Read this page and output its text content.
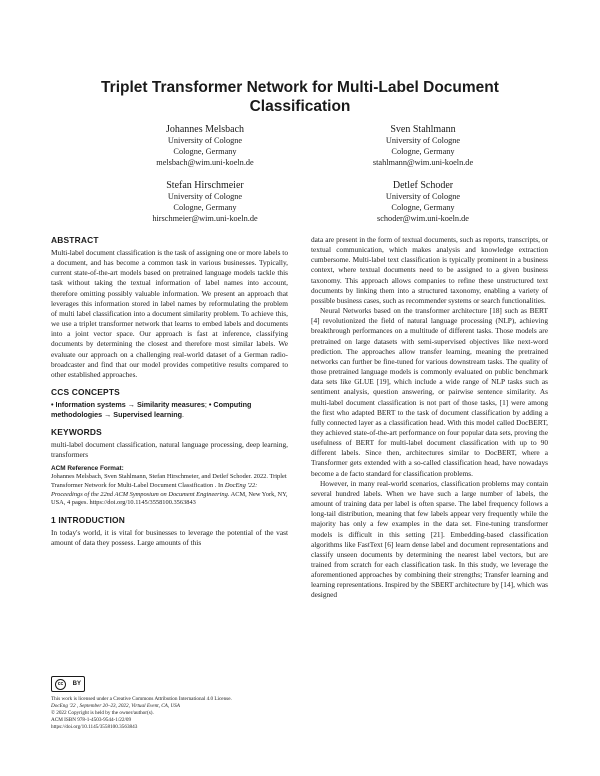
Triplet Transformer Network for Multi-Label Document Classification
Johannes Melsbach
University of Cologne
Cologne, Germany
melsbach@wim.uni-koeln.de
Sven Stahlmann
University of Cologne
Cologne, Germany
stahlmann@wim.uni-koeln.de
Stefan Hirschmeier
University of Cologne
Cologne, Germany
hirschmeier@wim.uni-koeln.de
Detlef Schoder
University of Cologne
Cologne, Germany
schoder@wim.uni-koeln.de
ABSTRACT

Multi-label document classification is the task of assigning one or more labels to a document, and has become a common task in various businesses. Typically, current state-of-the-art models based on pretrained language models tackle this task without taking the textual information of label names into account, therefore omitting possibly valuable information. We present an approach that leverages this information stored in label names by reformulating the problem of multi label classification into a document similarity problem. To achieve this, we use a triplet transformer network that learns to embed labels and documents into a joint vector space. Our approach is fast at inference, classifying documents by determining the closest and therefore most similar labels. We evaluate our approach on a challenging real-world dataset of a German radio-broadcaster and find that our model provides competitive results compared to other established approaches.

CCS CONCEPTS

• Information systems → Similarity measures; • Computing methodologies → Supervised learning.

KEYWORDS

multi-label document classification, natural language processing, deep learning, transformers

ACM Reference Format:

Johannes Melsbach, Sven Stahlmann, Stefan Hirschmeier, and Detlef Schoder. 2022. Triplet Transformer Network for Multi-Label Document Classification . In DocEng '22: Proceedings of the 22nd ACM Symposium on Document Engineering. ACM, New York, NY, USA, 4 pages. https://doi.org/10.1145/3558100.3563843

1 INTRODUCTION

In today's world, it is vital for businesses to leverage the potential of the vast amount of data they possess. Large amounts of this

cc	BY
This work is licensed under a Creative Commons Attribution International 4.0 License.
DocEng '22 , September 20–23, 2022, Virtual Event, CA, USA
© 2022 Copyright is held by the owner/author(s).
ACM ISBN 978-1-4503-9544-1/22/09
https://doi.org/10.1145/3558100.3563843

data are present in the form of textual documents, such as reports, transcripts, or textual communication, which makes analysis and knowledge extraction cumbersome. Multi-label text classification is typically prominent in a business context, where textual documents need to be assigned to a given business taxonomy. This approach allows companies to refine these unstructured text documents by linking them into a structured taxonomy, enabling a variety of possible business cases, such as recommender systems or search functionalities.

Neural Networks based on the transformer architecture [18] such as BERT [4] revolutionized the field of natural language processing (NLP), achieving breakthrough performances on a multitude of different tasks. Those models are pretrained on large datasets with semi-supervised objectives like next-word prediction. The approaches allow transfer learning, meaning the pretrained networks can further be fine-tuned for various downstream tasks. The quality of those pretrained language models is commonly evaluated on public benchmark data sets like GLUE [19], which include a wide range of NLP tasks such as sentiment analysis, question answering, or pairwise sentence similarity. As multi-label document classification is not part of those tasks, [1] were among the first who adapted BERT to the task of document classification by adding a fully connected layer as a classification head. With this model called DocBERT, they achieved state-of-the-art performance on four popular data sets, proving the usefulness of BERT for multi-label document classification with up to 90 different labels. Since then, architectures similar to DocBERT, where a Transformer gets extended with a so-called classification head, have nowadays become a de facto standard for classification problems.

However, in many real-world scenarios, classification problems may contain several hundred labels. When we have such a large number of labels, the amount of training data per label is often sparse. The label frequency follows a long-tail distribution, meaning that few labels appear very frequently while the majority has only a few examples in the data set. Fine-tuning transformer models is difficult in this setting [21]. Embedding-based classification algorithms like FastText [6] learn dense label and document representations and classify unseen documents by determining the nearest label vectors, but are trained from scratch for each classification task. In this study, we leverage the aforementioned approaches by combining their strengths; Transfer learning and learning representations. Inspired by the SBERT architecture by [14], which was designed
